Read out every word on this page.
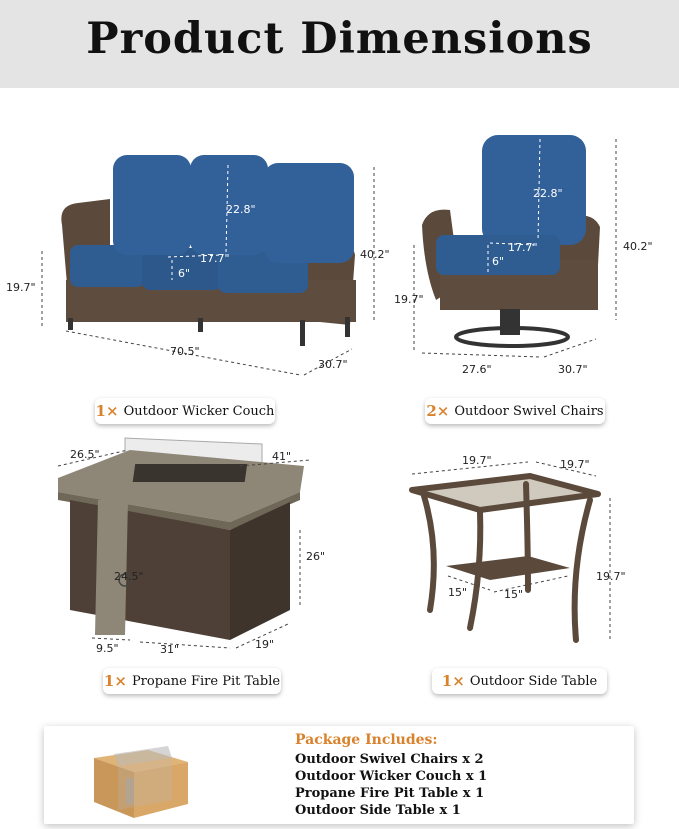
Product Dimensions
22.8"
17.7"
6"
40.2"
19.7"
70.5"
30.7"
1× Outdoor Wicker Couch
22.8"
17.7"
6"
40.2"
19.7"
27.6"	30.7"
2× Outdoor Swivel Chairs
26.5"	41"
26"
24.5"
9.5"	31"	19"
1× Propane Fire Pit Table
19.7"	19.7"
19.7"
15"	15"
1× Outdoor Side Table
Package Includes:
Outdoor Swivel Chairs x 2
Outdoor Wicker Couch x 1
Propane Fire Pit Table x 1
Outdoor Side Table x 1
